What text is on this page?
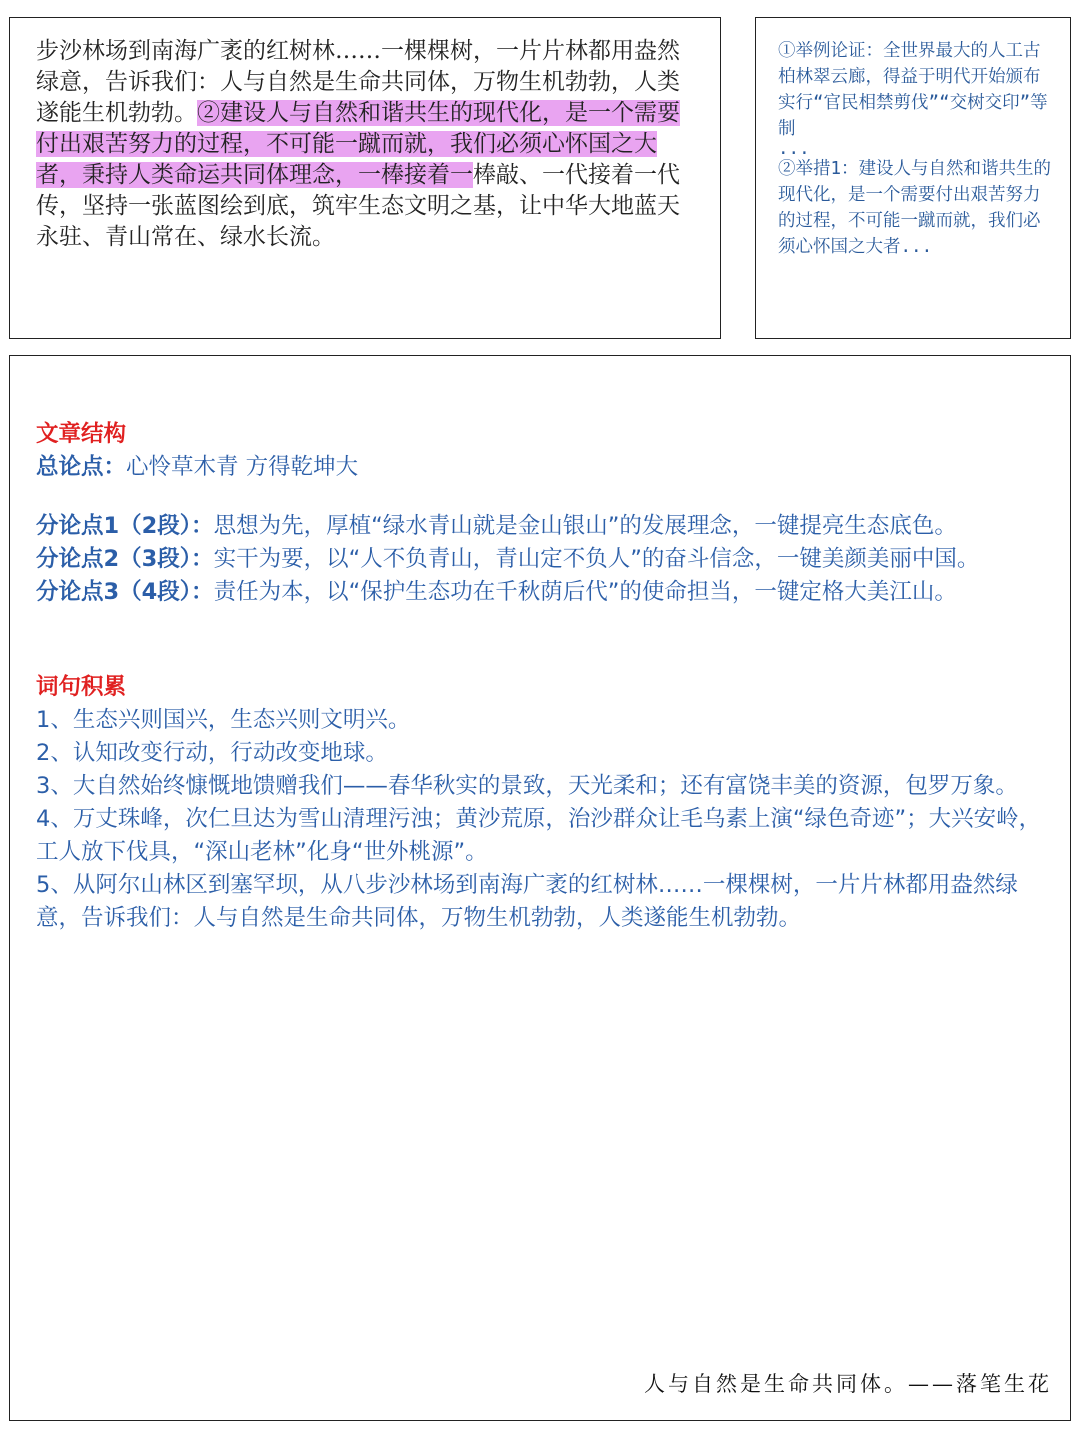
步沙林场到南海广袤的红树林……一棵棵树，一片片林都用盎然绿意，告诉我们：人与自然是生命共同体，万物生机勃勃，人类遂能生机勃勃。②建设人与自然和谐共生的现代化，是一个需要付出艰苦努力的过程，不可能一蹴而就，我们必须心怀国之大者，秉持人类命运共同体理念，一棒接着一棒敲、一代接着一代传，坚持一张蓝图绘到底，筑牢生态文明之基，让中华大地蓝天永驻、青山常在、绿水长流。

①举例论证：全世界最大的人工古柏林翠云廊，得益于明代开始颁布实行“官民相禁剪伐”“交树交印”等制
...
②举措1：建设人与自然和谐共生的现代化，是一个需要付出艰苦努力的过程，不可能一蹴而就，我们必须心怀国之大者...

文章结构

总论点：心怜草木青 方得乾坤大

分论点1（2段）：思想为先，厚植“绿水青山就是金山银山”的发展理念，一键提亮生态底色。

分论点2（3段）：实干为要，以“人不负青山，青山定不负人”的奋斗信念，一键美颜美丽中国。

分论点3（4段）：责任为本，以“保护生态功在千秋荫后代”的使命担当，一键定格大美江山。

词句积累

1、生态兴则国兴，生态兴则文明兴。

2、认知改变行动，行动改变地球。

3、大自然始终慷慨地馈赠我们——春华秋实的景致，天光柔和；还有富饶丰美的资源，包罗万象。

4、万丈珠峰，次仁旦达为雪山清理污浊；黄沙荒原，治沙群众让毛乌素上演“绿色奇迹”；大兴安岭，工人放下伐具，“深山老林”化身“世外桃源”。

5、从阿尔山林区到塞罕坝，从八步沙林场到南海广袤的红树林……一棵棵树，一片片林都用盎然绿意，告诉我们：人与自然是生命共同体，万物生机勃勃，人类遂能生机勃勃。

人与自然是生命共同体。——落笔生花
